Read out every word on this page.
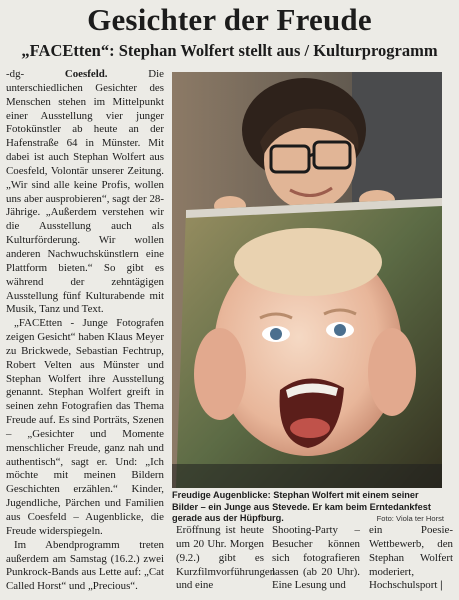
Gesichter der Freude
„FACEtten“: Stephan Wolfert stellt aus / Kulturprogramm

-dg- Coesfeld. Die unterschiedlichen Gesichter des Menschen stehen im Mittelpunkt einer Ausstellung vier junger Fotokünstler ab heute an der Hafenstraße 64 in Münster. Mit dabei ist auch Stephan Wolfert aus Coesfeld, Volontär unserer Zeitung. „Wir sind alle keine Profis, wollen uns aber ausprobieren“, sagt der 28-Jährige. „Außerdem verstehen wir die Ausstellung auch als Kulturförderung. Wir wollen anderen Nachwuchskünstlern eine Plattform bieten.“ So gibt es während der zehntägigen Ausstellung fünf Kulturabende mit Musik, Tanz und Text.

„FACEtten - Junge Fotografen zeigen Gesicht“ haben Klaus Meyer zu Brickwede, Sebastian Fechtrup, Robert Velten aus Münster und Stephan Wolfert ihre Ausstellung genannt. Stephan Wolfert greift in seinen zehn Fotografien das Thema Freude auf. Es sind Porträts, Szenen – „Gesichter und Momente menschlicher Freude, ganz nah und authentisch“, sagt er. Und: „Ich möchte mit meinen Bildern Geschichten erzählen.“ Kinder, Jugendliche, Pärchen und Familien aus Coesfeld – Augenblicke, die Freude widerspiegeln.

Im Abendprogramm treten außerdem am Samstag (16.2.) zwei Punkrock-Bands aus Lette auf: „Cat Called Horst“ und „Precious“.

Freudige Augenblicke: Stephan Wolfert mit einem seiner Bilder – ein Junge aus Stevede. Er kam beim Erntedankfest gerade aus der Hüpfburg.	Foto: Viola ter Horst

Eröffnung ist heute um 20 Uhr. Morgen (9.2.) gibt es Kurzfilmvorführungen und eine

Shooting-Party – Besucher können sich fotografieren lassen (ab 20 Uhr). Eine Lesung und

ein Poesie-Wettbewerb, den Stephan Wolfert moderiert, Hochschulsport |
